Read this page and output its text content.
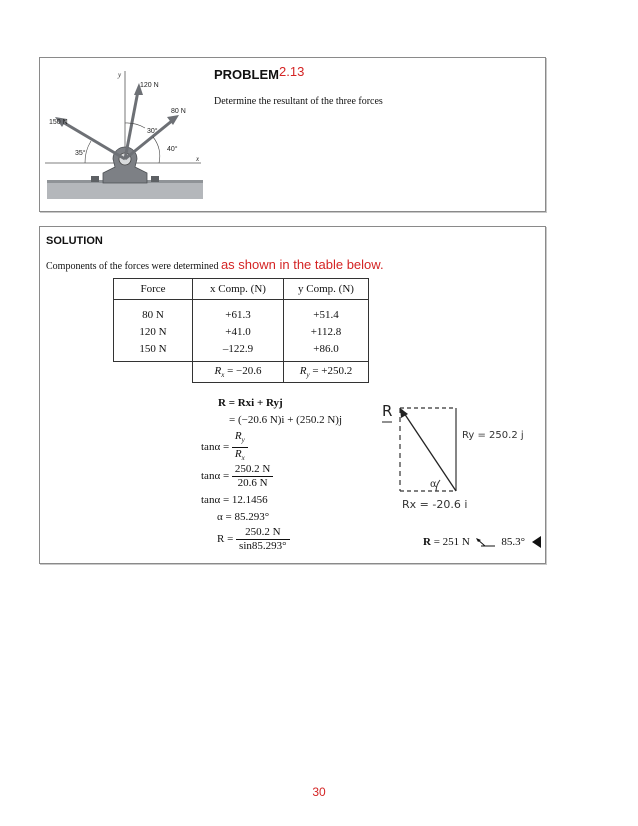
150 N
120 N
80 N
35°
30°
40°
y
x
PROBLEM2.13
Determine the resultant of the three forces
SOLUTION
Components of the forces were determined as shown in the table below.
Force	x Comp. (N)	y Comp. (N)
80 N	+61.3	+51.4
120 N	+41.0	+112.8
150 N	–122.9	+86.0
	$R_x = -20.6$	$R_y = +250.2$
R = Rxi + Ryj
= (−20.6 N)i + (250.2 N)j
$\tan\alpha = \frac{R_y}{R_x}$
$\tan\alpha = \frac{250.2 N}{20.6 N}$
tanα = 12.1456
α = 85.293°
$R = \frac{250.2 N}{\sin 85.293^\circ}$
R
Ry = 250.2 j
α
Rx = -20.6 i
R = 251 N	85.3°
30
